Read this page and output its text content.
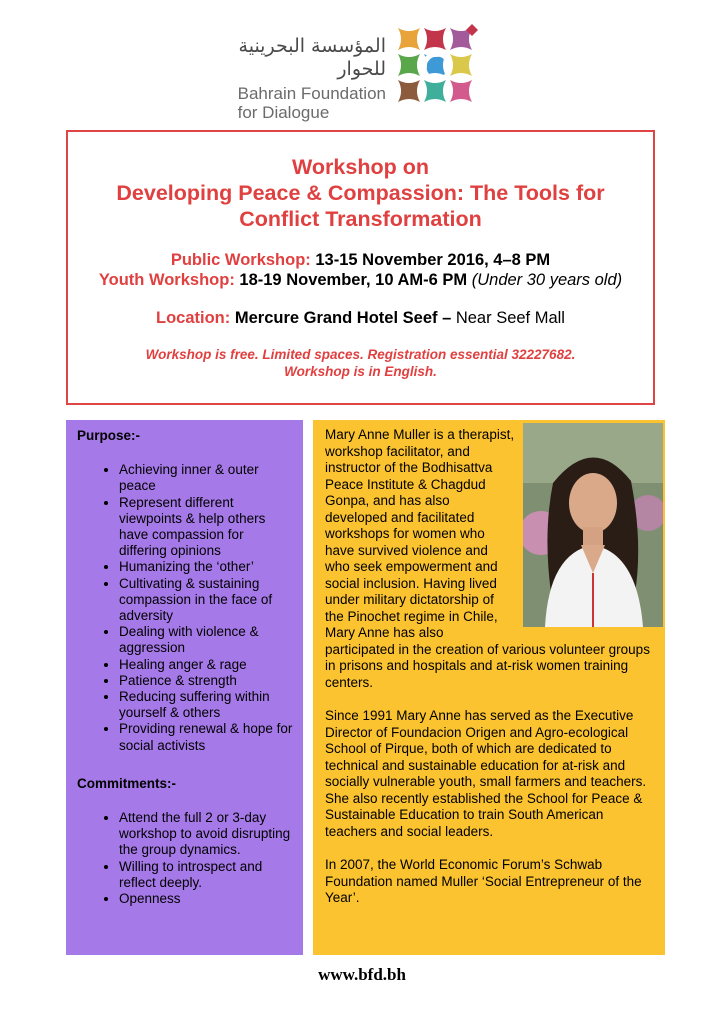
المؤسسة البحرينية
للحوار
Bahrain Foundation
for Dialogue
Workshop on
Developing Peace & Compassion: The Tools for
Conflict Transformation
Public Workshop: 13-15 November 2016, 4–8 PM
Youth Workshop: 18-19 November, 10 AM-6 PM (Under 30 years old)
Location: Mercure Grand Hotel Seef – Near Seef Mall
Workshop is free. Limited spaces. Registration essential 32227682.
Workshop is in English.
Purpose:-
• Achieving inner & outer peace
• Represent different viewpoints & help others have compassion for differing opinions
• Humanizing the ‘other’
• Cultivating & sustaining compassion in the face of adversity
• Dealing with violence & aggression
• Healing anger & rage
• Patience & strength
• Reducing suffering within yourself & others
• Providing renewal & hope for social activists
Commitments:-
• Attend the full 2 or 3-day workshop to avoid disrupting the group dynamics.
• Willing to introspect and reflect deeply.
• Openness

Mary Anne Muller is a therapist, workshop facilitator, and instructor of the Bodhisattva Peace Institute & Chagdud Gonpa, and has also developed and facilitated workshops for women who have survived violence and who seek empowerment and social inclusion. Having lived under military dictatorship of the Pinochet regime in Chile, Mary Anne has also participated in the creation of various volunteer groups in prisons and hospitals and at-risk women training centers.

Since 1991 Mary Anne has served as the Executive Director of Foundacion Origen and Agro-ecological School of Pirque, both of which are dedicated to technical and sustainable education for at-risk and socially vulnerable youth, small farmers and teachers. She also recently established the School for Peace & Sustainable Education to train South American teachers and social leaders.

In 2007, the World Economic Forum’s Schwab Foundation named Muller ‘Social Entrepreneur of the Year’.

www.bfd.bh
